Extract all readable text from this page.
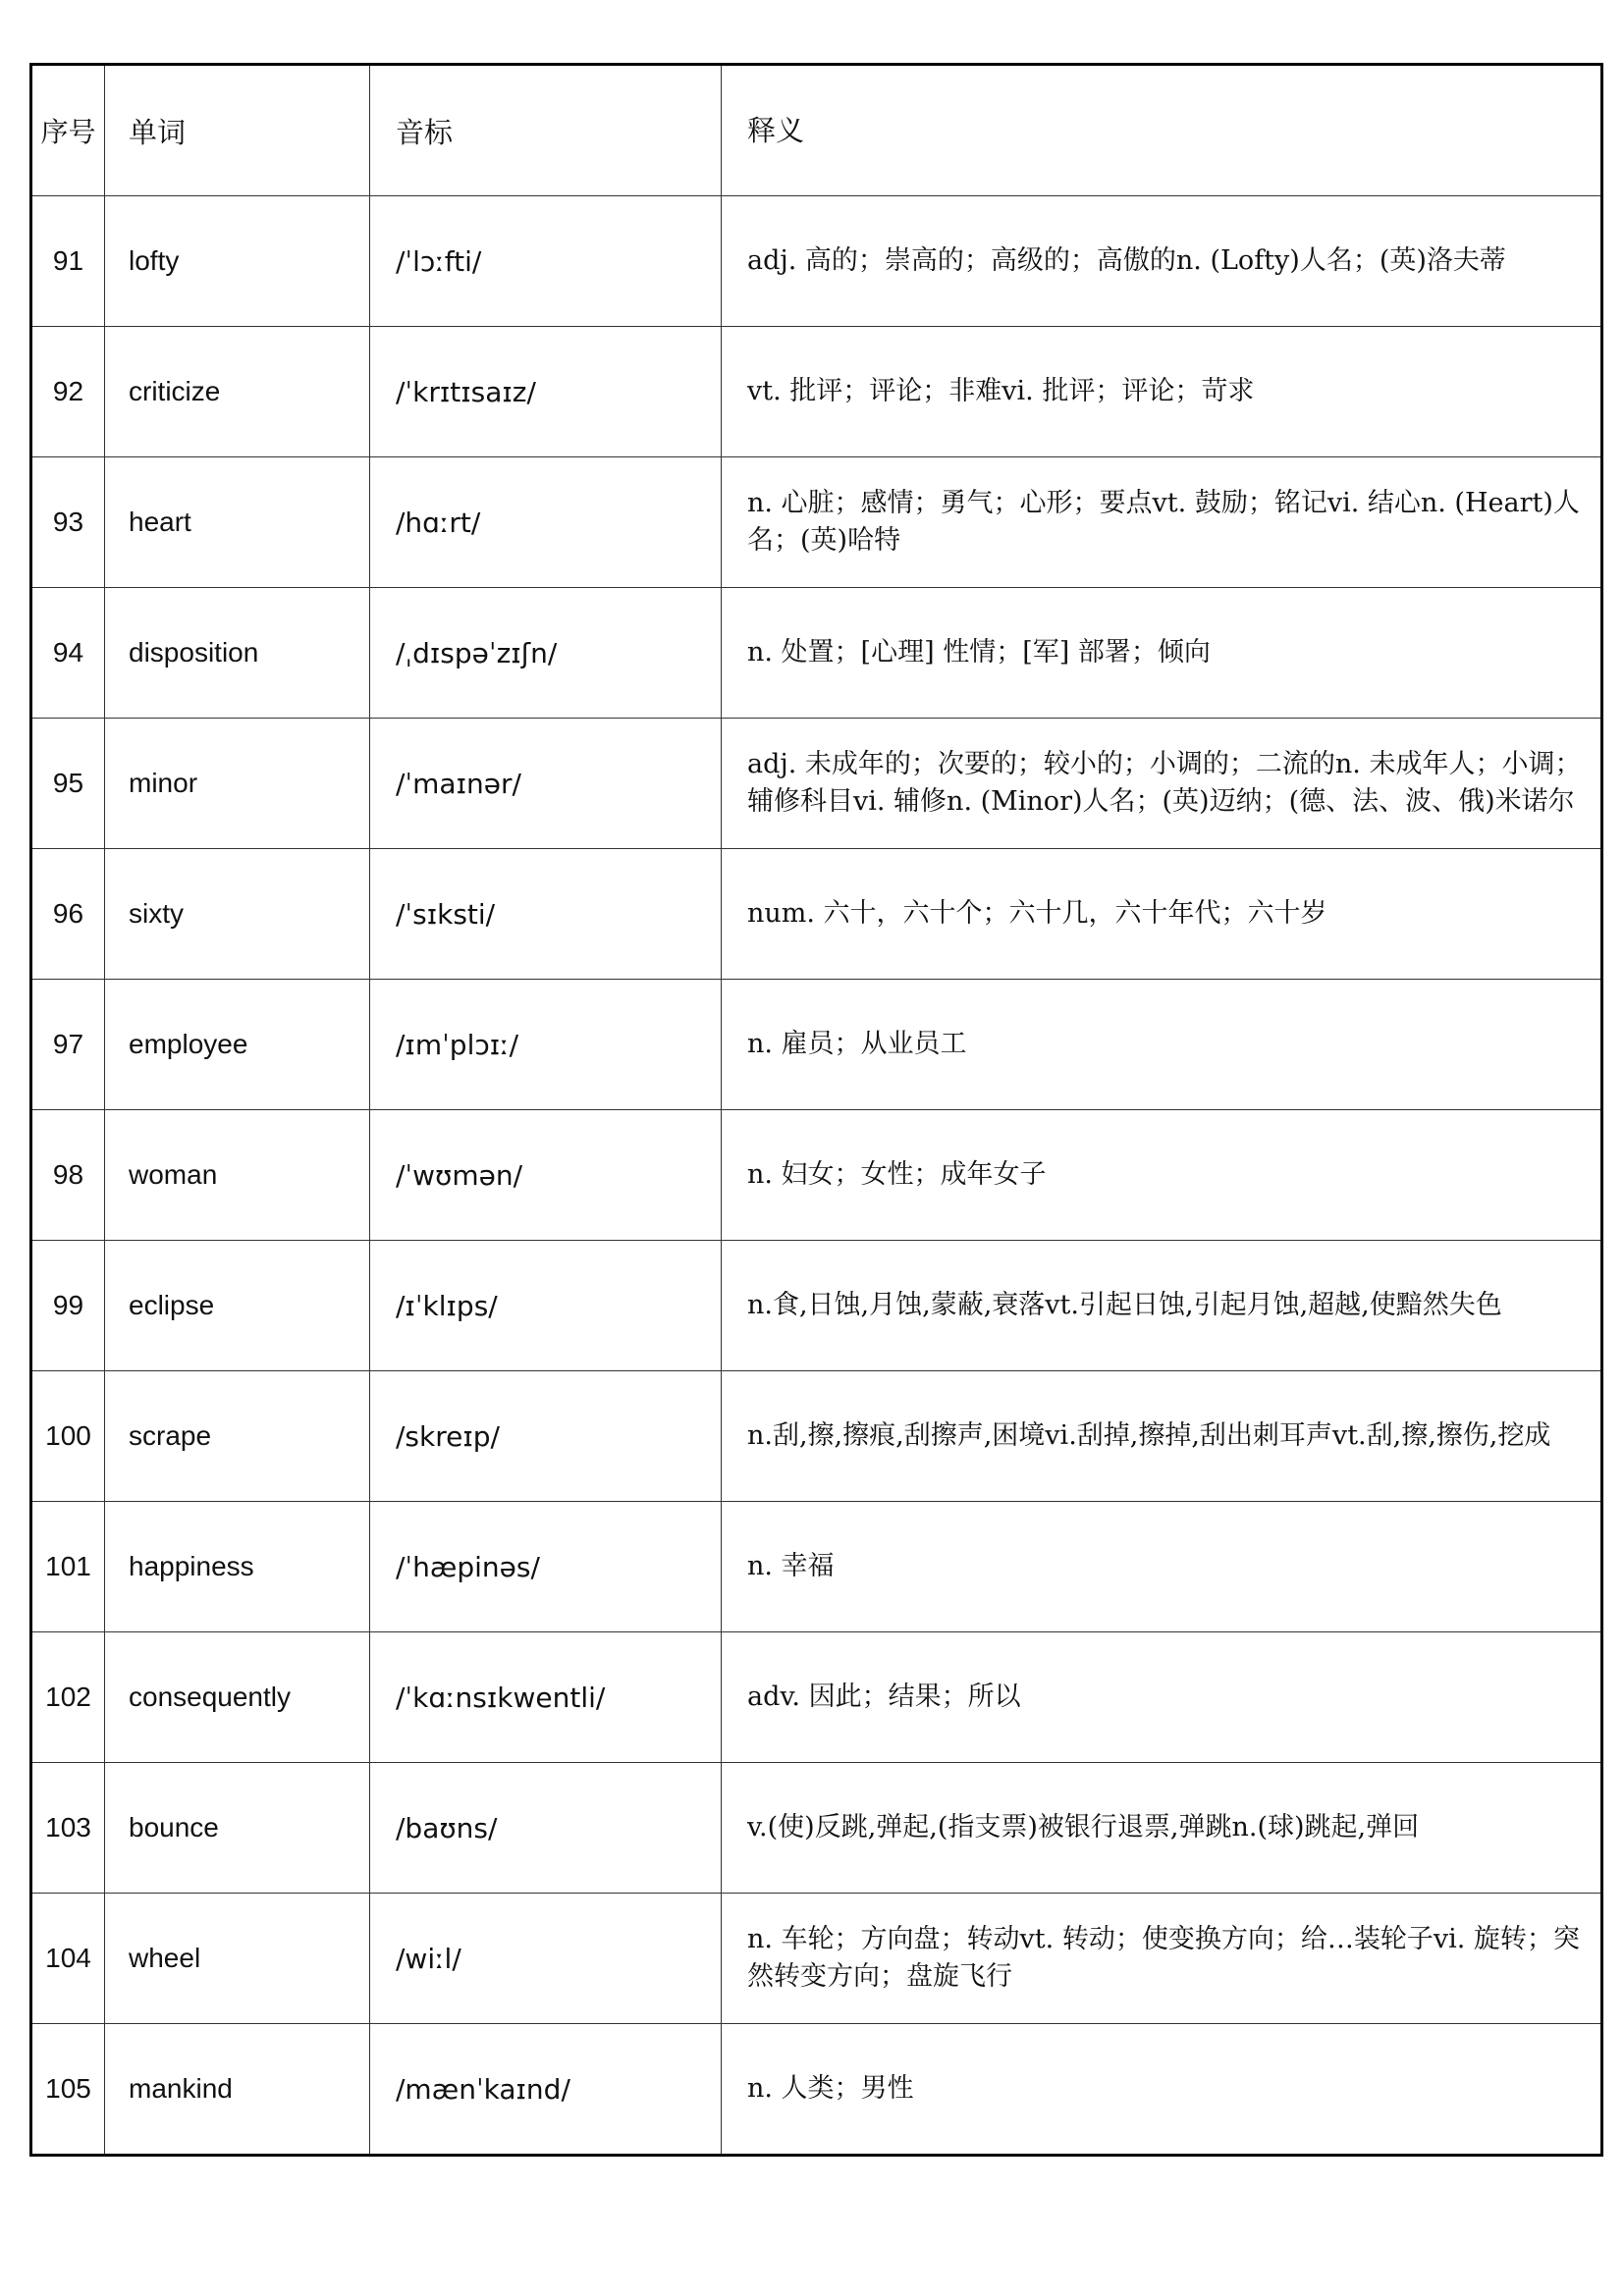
序号	单词	音标	释义
91	lofty	/ˈlɔːfti/	adj. 高的；崇高的；高级的；高傲的n. (Lofty)人名；(英)洛夫蒂
92	criticize	/ˈkrɪtɪsaɪz/	vt. 批评；评论；非难vi. 批评；评论；苛求
93	heart	/hɑːrt/	n. 心脏；感情；勇气；心形；要点vt. 鼓励；铭记vi. 结心n. (Heart)人名；(英)哈特
94	disposition	/ˌdɪspəˈzɪʃn/	n. 处置；[心理] 性情；[军] 部署；倾向
95	minor	/ˈmaɪnər/	adj. 未成年的；次要的；较小的；小调的；二流的n. 未成年人；小调；辅修科目vi. 辅修n. (Minor)人名；(英)迈纳；(德、法、波、俄)米诺尔
96	sixty	/ˈsɪksti/	num. 六十，六十个；六十几，六十年代；六十岁
97	employee	/ɪmˈplɔɪː/	n. 雇员；从业员工
98	woman	/ˈwʊmən/	n. 妇女；女性；成年女子
99	eclipse	/ɪˈklɪps/	n.食,日蚀,月蚀,蒙蔽,衰落vt.引起日蚀,引起月蚀,超越,使黯然失色
100	scrape	/skreɪp/	n.刮,擦,擦痕,刮擦声,困境vi.刮掉,擦掉,刮出刺耳声vt.刮,擦,擦伤,挖成
101	happiness	/ˈhæpinəs/	n. 幸福
102	consequently	/ˈkɑːnsɪkwentli/	adv. 因此；结果；所以
103	bounce	/baʊns/	v.(使)反跳,弹起,(指支票)被银行退票,弹跳n.(球)跳起,弹回
104	wheel	/wiːl/	n. 车轮；方向盘；转动vt. 转动；使变换方向；给…装轮子vi. 旋转；突然转变方向；盘旋飞行
105	mankind	/mænˈkaɪnd/	n. 人类；男性
